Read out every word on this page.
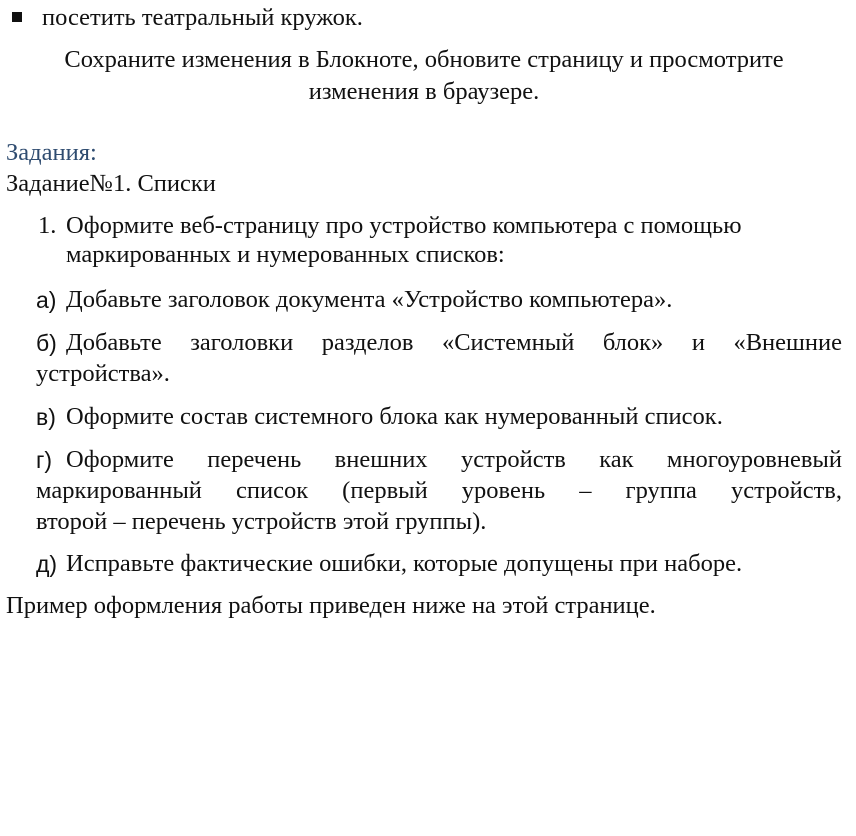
посетить театральный кружок.
Сохраните изменения в Блокноте, обновите страницу и просмотрите
изменения в браузере.
Задания:
Задание№1. Списки
1. Оформите веб-страницу про устройство компьютера с помощью
маркированных и нумерованных списков:
а) Добавьте заголовок документа «Устройство компьютера».
б) Добавьте заголовки разделов «Системный блок» и «Внешние
устройства».
в) Оформите состав системного блока как нумерованный список.
г) Оформите перечень внешних устройств как многоуровневый
маркированный список (первый уровень – группа устройств,
второй – перечень устройств этой группы).
д) Исправьте фактические ошибки, которые допущены при наборе.
Пример оформления работы приведен ниже на этой странице.
